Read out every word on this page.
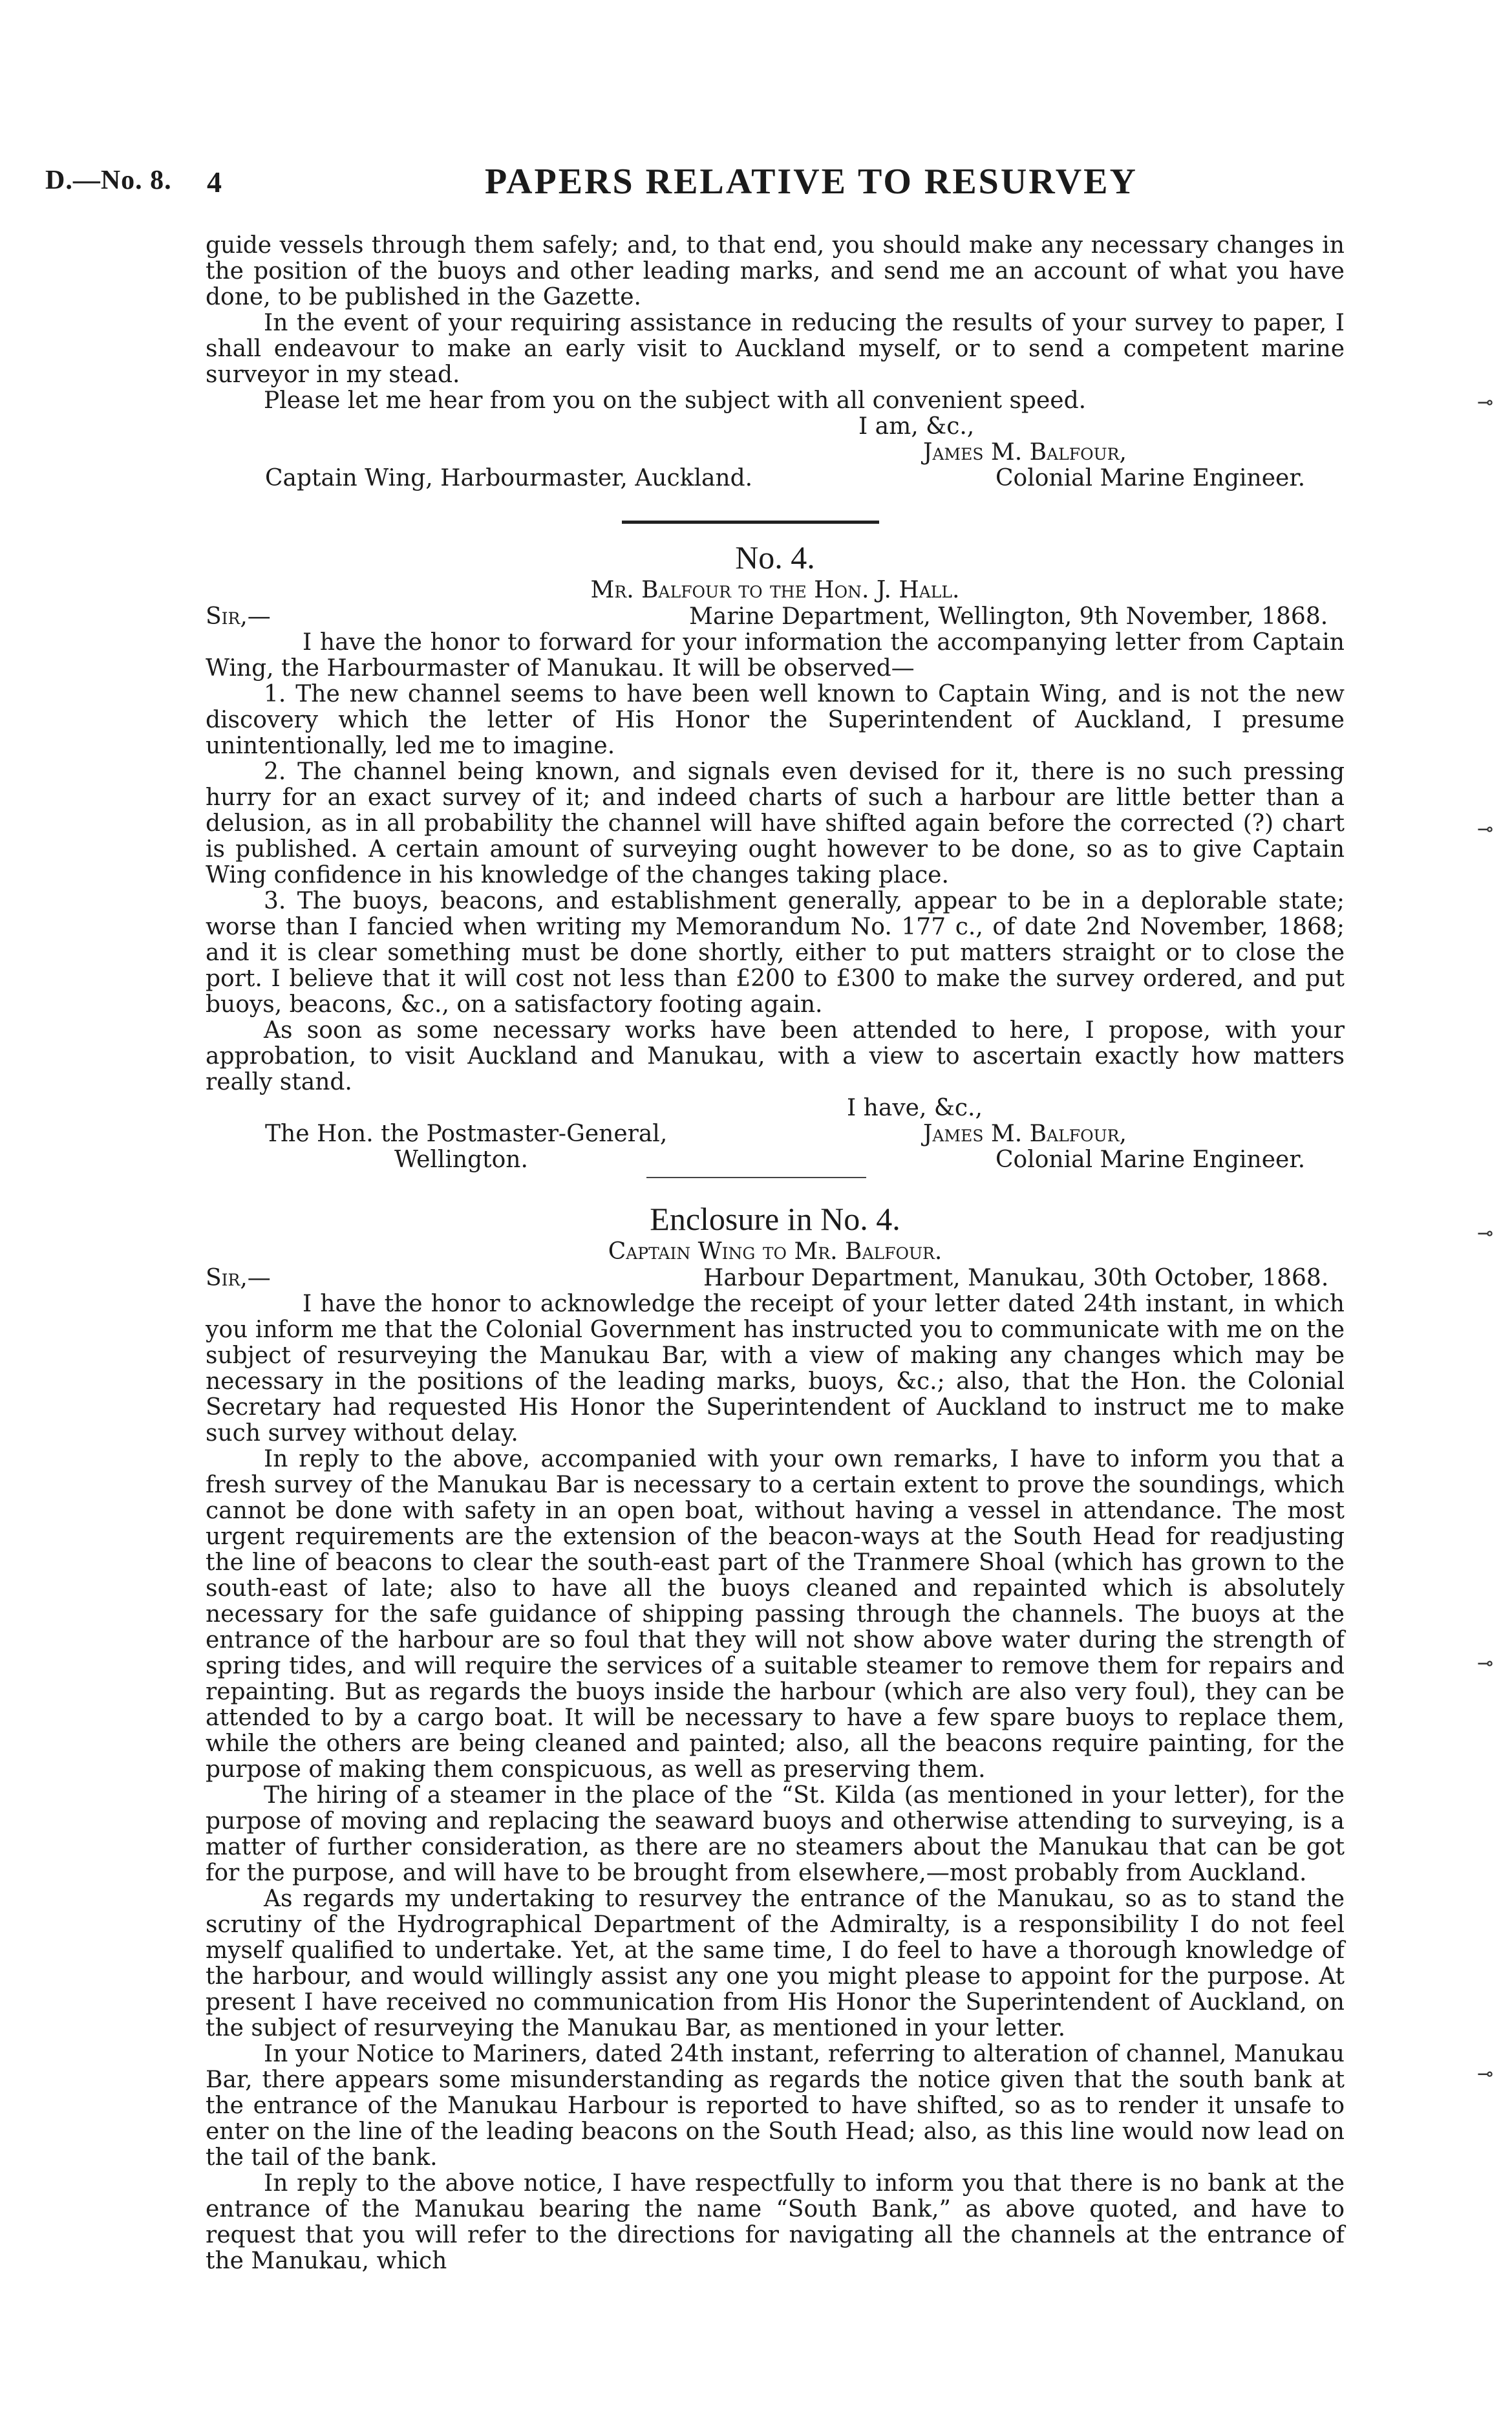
D.—No. 8. 4	PAPERS RELATIVE TO RESURVEY

guide vessels through them safely; and, to that end, you should make any necessary changes in the position of the buoys and other leading marks, and send me an account of what you have done, to be published in the Gazette.

In the event of your requiring assistance in reducing the results of your survey to paper, I shall endeavour to make an early visit to Auckland myself, or to send a competent marine surveyor in my stead.

Please let me hear from you on the subject with all convenient speed.

I am, &c.,
James M. Balfour,
Captain Wing, Harbourmaster, Auckland.	Colonial Marine Engineer.
No. 4.
Mr. Balfour to the Hon. J. Hall.
Sir,—	Marine Department, Wellington, 9th November, 1868.

I have the honor to forward for your information the accompanying letter from Captain Wing, the Harbourmaster of Manukau. It will be observed—

1. The new channel seems to have been well known to Captain Wing, and is not the new discovery which the letter of His Honor the Superintendent of Auckland, I presume unintentionally, led me to imagine.

2. The channel being known, and signals even devised for it, there is no such pressing hurry for an exact survey of it; and indeed charts of such a harbour are little better than a delusion, as in all probability the channel will have shifted again before the corrected (?) chart is published. A certain amount of surveying ought however to be done, so as to give Captain Wing confidence in his knowledge of the changes taking place.

3. The buoys, beacons, and establishment generally, appear to be in a deplorable state; worse than I fancied when writing my Memorandum No. 177 c., of date 2nd November, 1868; and it is clear something must be done shortly, either to put matters straight or to close the port. I believe that it will cost not less than £200 to £300 to make the survey ordered, and put buoys, beacons, &c., on a satisfactory footing again.

As soon as some necessary works have been attended to here, I propose, with your approbation, to visit Auckland and Manukau, with a view to ascertain exactly how matters really stand.

I have, &c.,
The Hon. the Postmaster-General,	James M. Balfour,
Wellington.	Colonial Marine Engineer.
Enclosure in No. 4.
Captain Wing to Mr. Balfour.
Sir,—	Harbour Department, Manukau, 30th October, 1868.

I have the honor to acknowledge the receipt of your letter dated 24th instant, in which you inform me that the Colonial Government has instructed you to communicate with me on the subject of resurveying the Manukau Bar, with a view of making any changes which may be necessary in the positions of the leading marks, buoys, &c.; also, that the Hon. the Colonial Secretary had requested His Honor the Superintendent of Auckland to instruct me to make such survey without delay.

In reply to the above, accompanied with your own remarks, I have to inform you that a fresh survey of the Manukau Bar is necessary to a certain extent to prove the soundings, which cannot be done with safety in an open boat, without having a vessel in attendance. The most urgent requirements are the extension of the beacon-ways at the South Head for readjusting the line of beacons to clear the south-east part of the Tranmere Shoal (which has grown to the south-east of late; also to have all the buoys cleaned and repainted which is absolutely necessary for the safe guidance of shipping passing through the channels. The buoys at the entrance of the harbour are so foul that they will not show above water during the strength of spring tides, and will require the services of a suitable steamer to remove them for repairs and repainting. But as regards the buoys inside the harbour (which are also very foul), they can be attended to by a cargo boat. It will be necessary to have a few spare buoys to replace them, while the others are being cleaned and painted; also, all the beacons require painting, for the purpose of making them conspicuous, as well as preserving them.

The hiring of a steamer in the place of the “St. Kilda (as mentioned in your letter), for the purpose of moving and replacing the seaward buoys and otherwise attending to surveying, is a matter of further consideration, as there are no steamers about the Manukau that can be got for the purpose, and will have to be brought from elsewhere,—most probably from Auckland.

As regards my undertaking to resurvey the entrance of the Manukau, so as to stand the scrutiny of the Hydrographical Department of the Admiralty, is a responsibility I do not feel myself qualified to undertake. Yet, at the same time, I do feel to have a thorough knowledge of the harbour, and would willingly assist any one you might please to appoint for the purpose. At present I have received no communication from His Honor the Superintendent of Auckland, on the subject of resurveying the Manukau Bar, as mentioned in your letter.

In your Notice to Mariners, dated 24th instant, referring to alteration of channel, Manukau Bar, there appears some misunderstanding as regards the notice given that the south bank at the entrance of the Manukau Harbour is reported to have shifted, so as to render it unsafe to enter on the line of the leading beacons on the South Head; also, as this line would now lead on the tail of the bank.

In reply to the above notice, I have respectfully to inform you that there is no bank at the entrance of the Manukau bearing the name “South Bank,” as above quoted, and have to request that you will refer to the directions for navigating all the channels at the entrance of the Manukau, which

⊸
⊸
⊸
⊸
⊸
